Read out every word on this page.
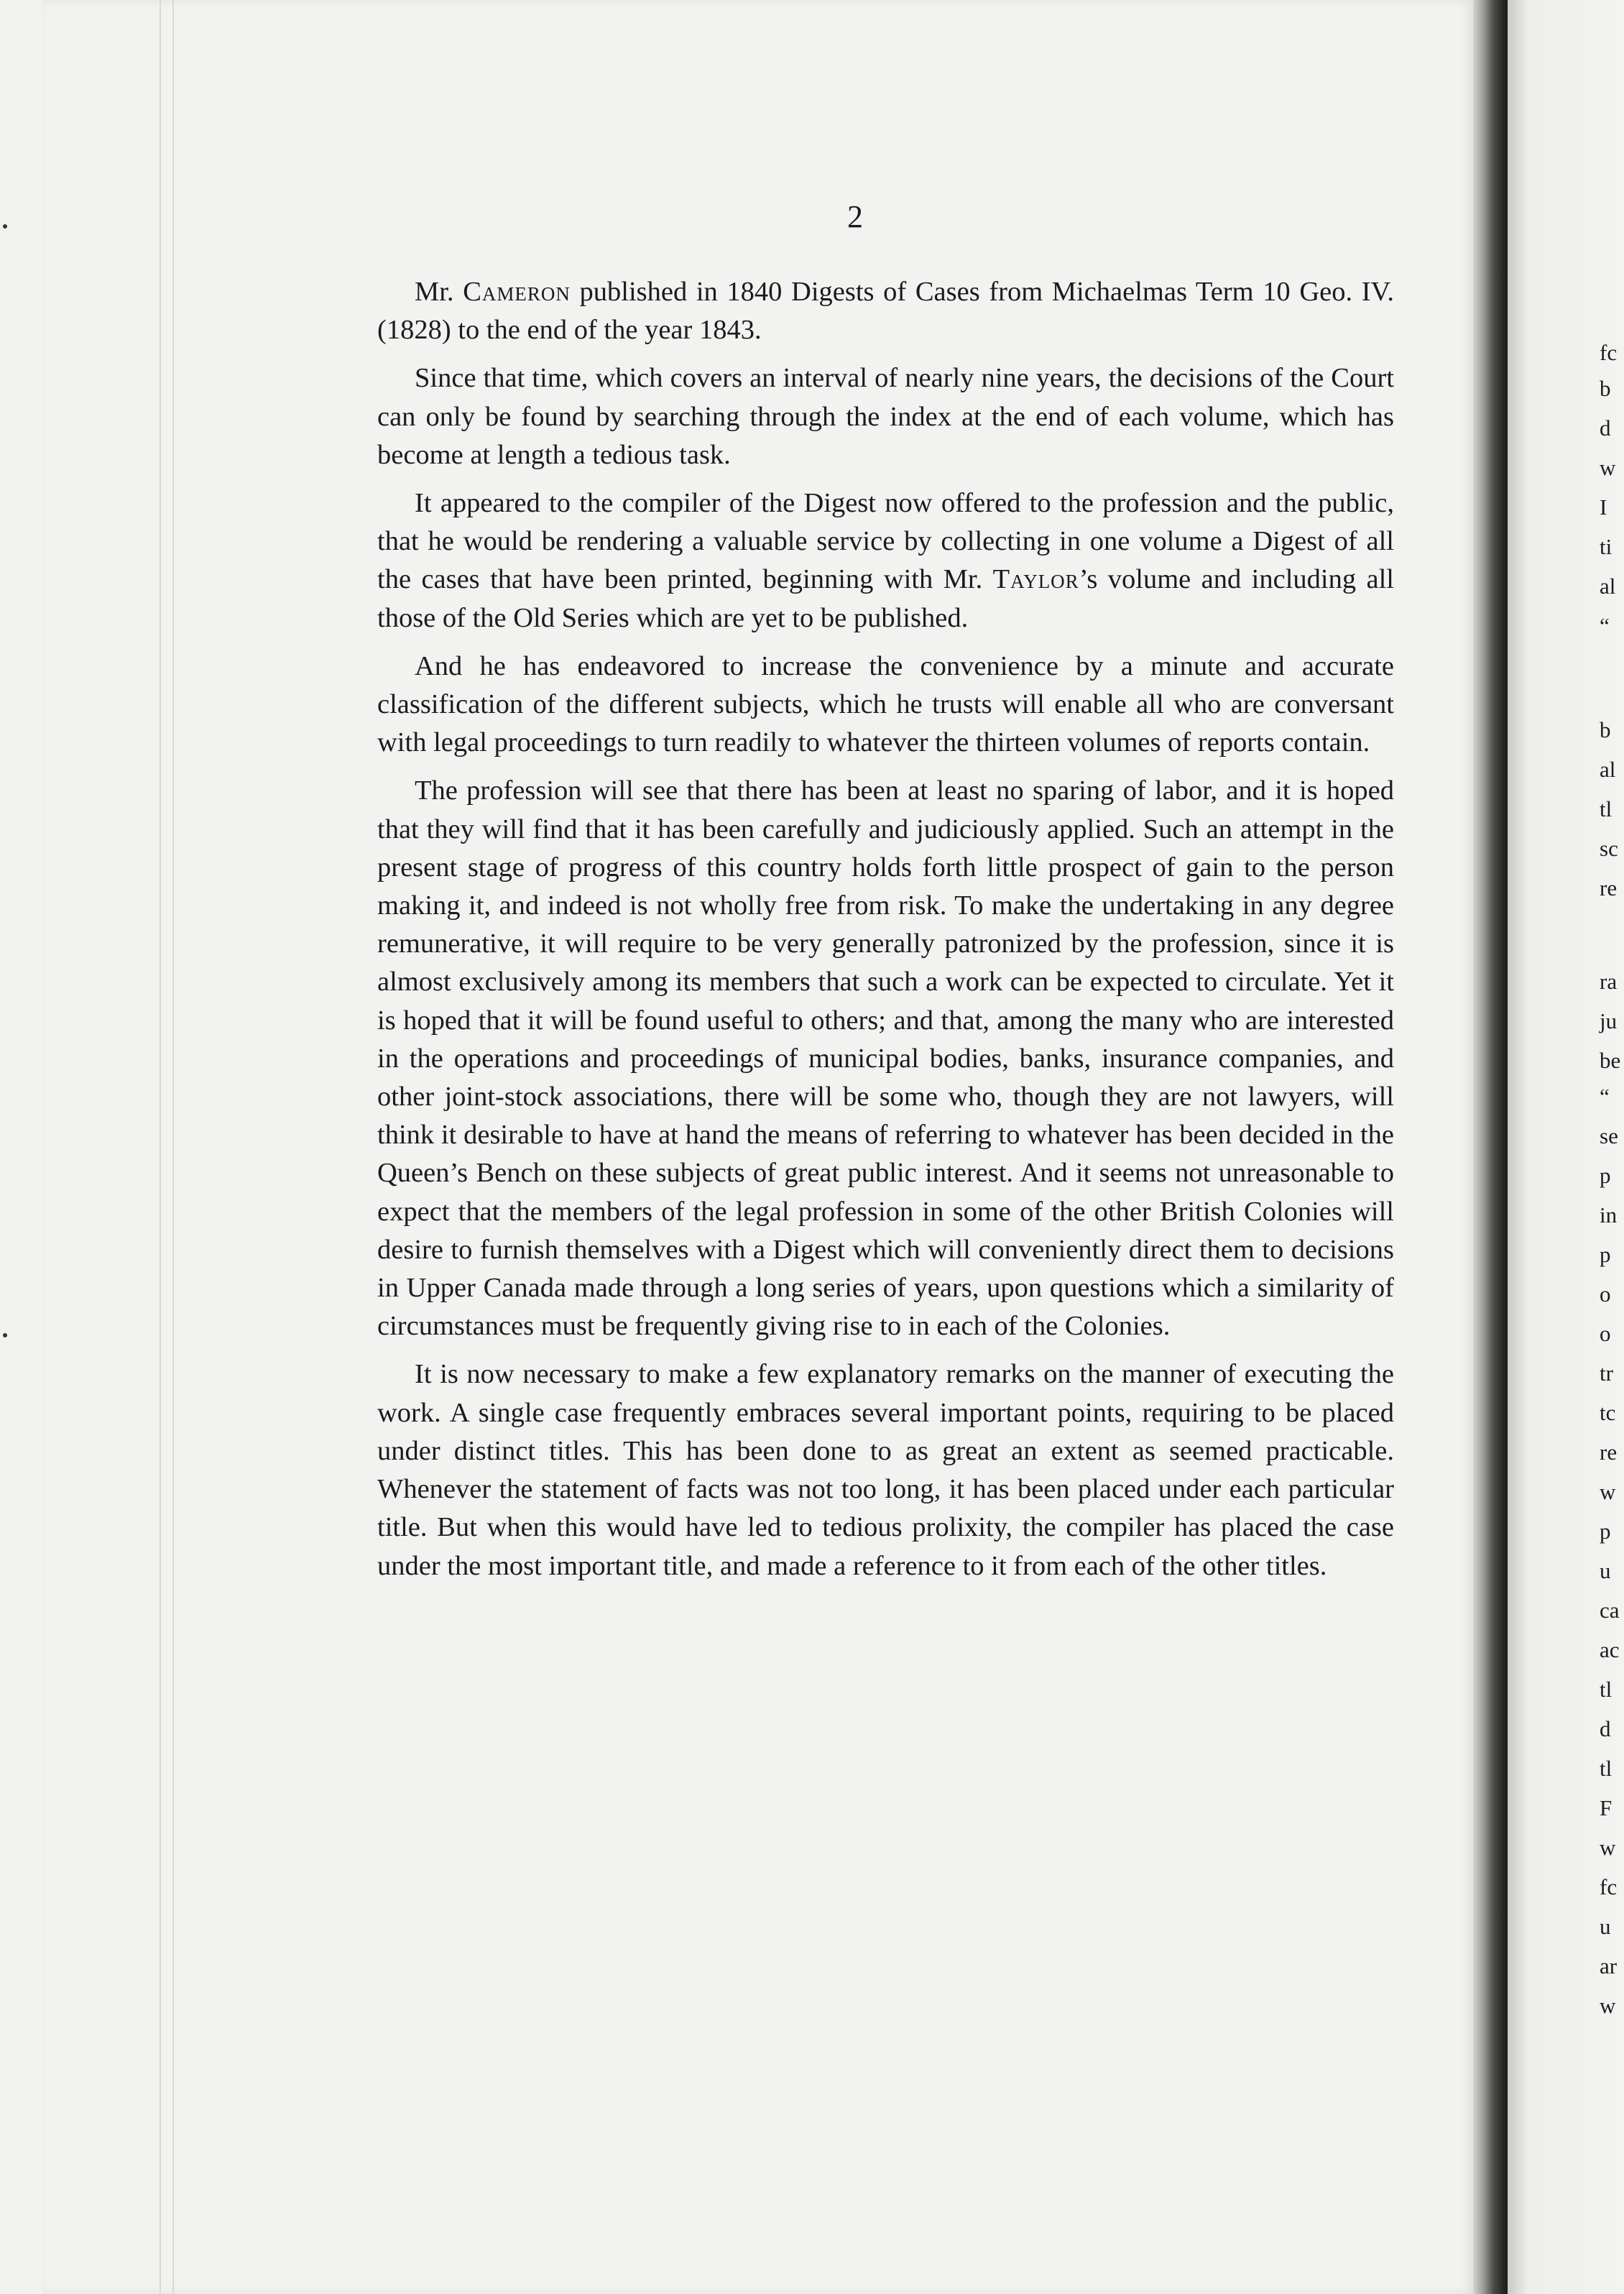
2

Mr. Cameron published in 1840 Digests of Cases from Michaelmas Term 10 Geo. IV. (1828) to the end of the year 1843.

Since that time, which covers an interval of nearly nine years, the decisions of the Court can only be found by searching through the index at the end of each volume, which has become at length a tedious task.

It appeared to the compiler of the Digest now offered to the profession and the public, that he would be rendering a valuable service by collecting in one volume a Digest of all the cases that have been printed, beginning with Mr. Taylor’s volume and including all those of the Old Series which are yet to be published.

And he has endeavored to increase the convenience by a minute and accurate classification of the different subjects, which he trusts will enable all who are conversant with legal proceedings to turn readily to whatever the thirteen volumes of reports contain.

The profession will see that there has been at least no sparing of labor, and it is hoped that they will find that it has been carefully and judiciously applied. Such an attempt in the present stage of progress of this country holds forth little prospect of gain to the person making it, and indeed is not wholly free from risk. To make the undertaking in any degree remunerative, it will require to be very generally patronized by the profession, since it is almost exclusively among its members that such a work can be expected to circulate. Yet it is hoped that it will be found useful to others; and that, among the many who are interested in the operations and proceedings of municipal bodies, banks, insurance companies, and other joint-stock associations, there will be some who, though they are not lawyers, will think it desirable to have at hand the means of referring to whatever has been decided in the Queen’s Bench on these subjects of great public interest. And it seems not unreasonable to expect that the members of the legal profession in some of the other British Colonies will desire to furnish themselves with a Digest which will conveniently direct them to decisions in Upper Canada made through a long series of years, upon questions which a similarity of circumstances must be frequently giving rise to in each of the Colonies.

It is now necessary to make a few explanatory remarks on the manner of executing the work. A single case frequently embraces several important points, requiring to be placed under distinct titles. This has been done to as great an extent as seemed practicable. Whenever the statement of facts was not too long, it has been placed under each particular title. But when this would have led to tedious prolixity, the compiler has placed the case under the most important title, and made a reference to it from each of the other titles.

fc
b
d
w
I
ti
al
“
b
al
tl
sc
re
ra
ju
be
“
se
p
in
p
o
o
tr
tc
re
w
p
u
ca
ac
tl
d
tl
F
w
fc
u
ar
w
